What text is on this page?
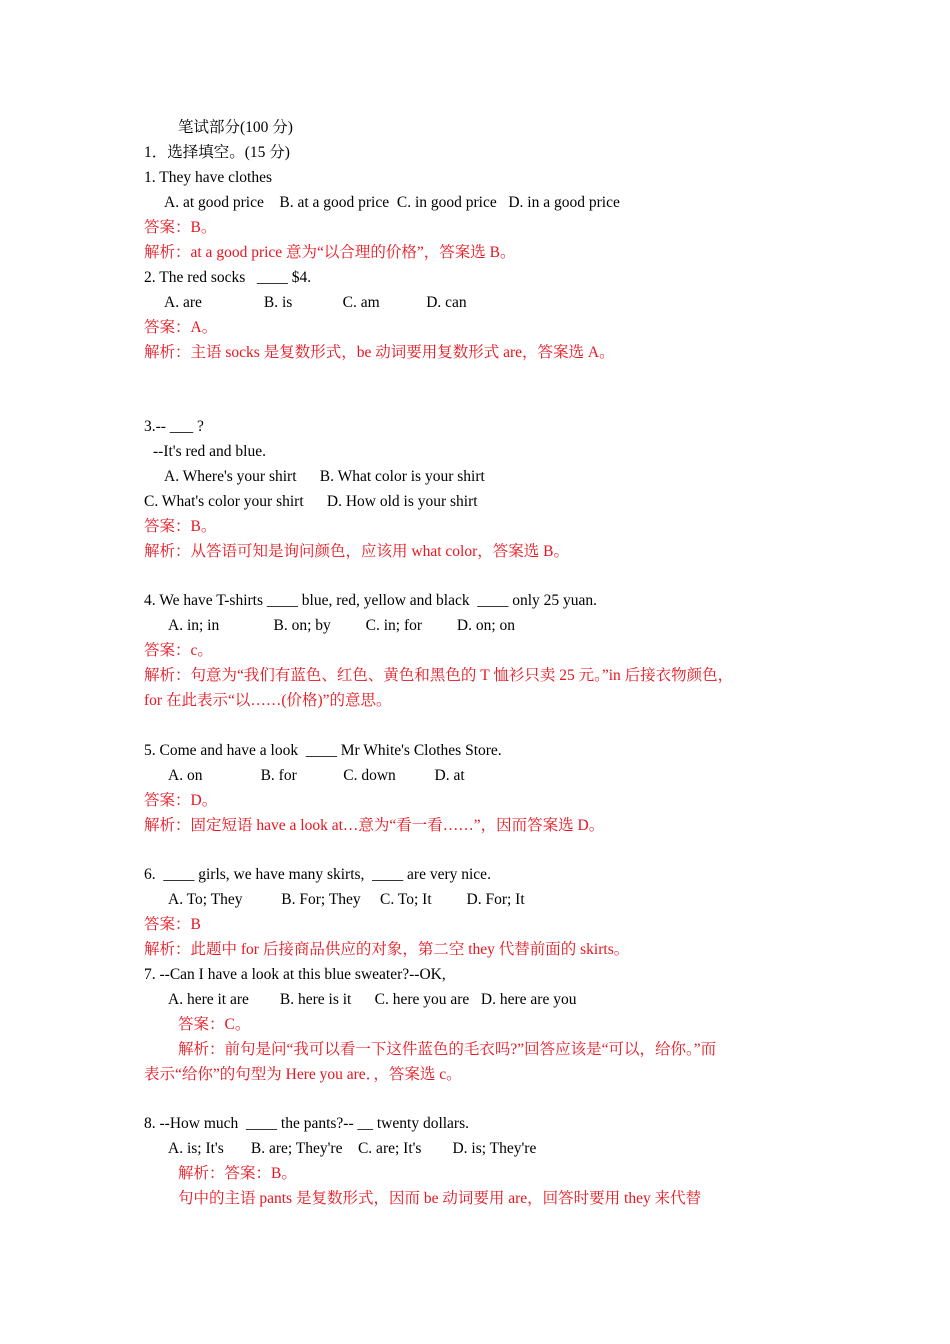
笔试部分(100 分)
1．选择填空。(15 分)
1. They have clothes
A. at good price    B. at a good price  C. in good price   D. in a good price
答案：B。
解析：at a good price 意为“以合理的价格”，答案选 B。
2. The red socks   ____ $4.
A. are                B. is             C. am            D. can
答案：A。
解析：主语 socks 是复数形式，be 动词要用复数形式 are，答案选 A。
3.-- ___ ?
--It's red and blue.
A. Where's your shirt      B. What color is your shirt
C. What's color your shirt      D. How old is your shirt
答案：B。
解析：从答语可知是询问颜色，应该用 what color，答案选 B。
4. We have T-shirts ____ blue, red, yellow and black  ____ only 25 yuan.
A. in; in              B. on; by         C. in; for         D. on; on
答案：c。
解析：句意为“我们有蓝色、红色、黄色和黑色的 T 恤衫只卖 25 元。”in 后接衣物颜色，
for 在此表示“以……(价格)”的意思。
5. Come and have a look  ____ Mr White's Clothes Store.
A. on               B. for            C. down          D. at
答案：D。
解析：固定短语 have a look at…意为“看一看……”，因而答案选 D。
6.  ____ girls, we have many skirts,  ____ are very nice.
A. To; They          B. For; They     C. To; It         D. For; It
答案：B
解析：此题中 for 后接商品供应的对象，第二空 they 代替前面的 skirts。
7. --Can I have a look at this blue sweater?--OK,
A. here it are        B. here is it      C. here you are   D. here are you
答案：C。
解析：前句是问“我可以看一下这件蓝色的毛衣吗?”回答应该是“可以，给你。”而
表示“给你”的句型为 Here you are．，答案选 c。
8. --How much  ____ the pants?-- __ twenty dollars.
A. is; It's       B. are; They're    C. are; It's        D. is; They're
解析：答案：B。
句中的主语 pants 是复数形式，因而 be 动词要用 are，回答时要用 they 来代替
